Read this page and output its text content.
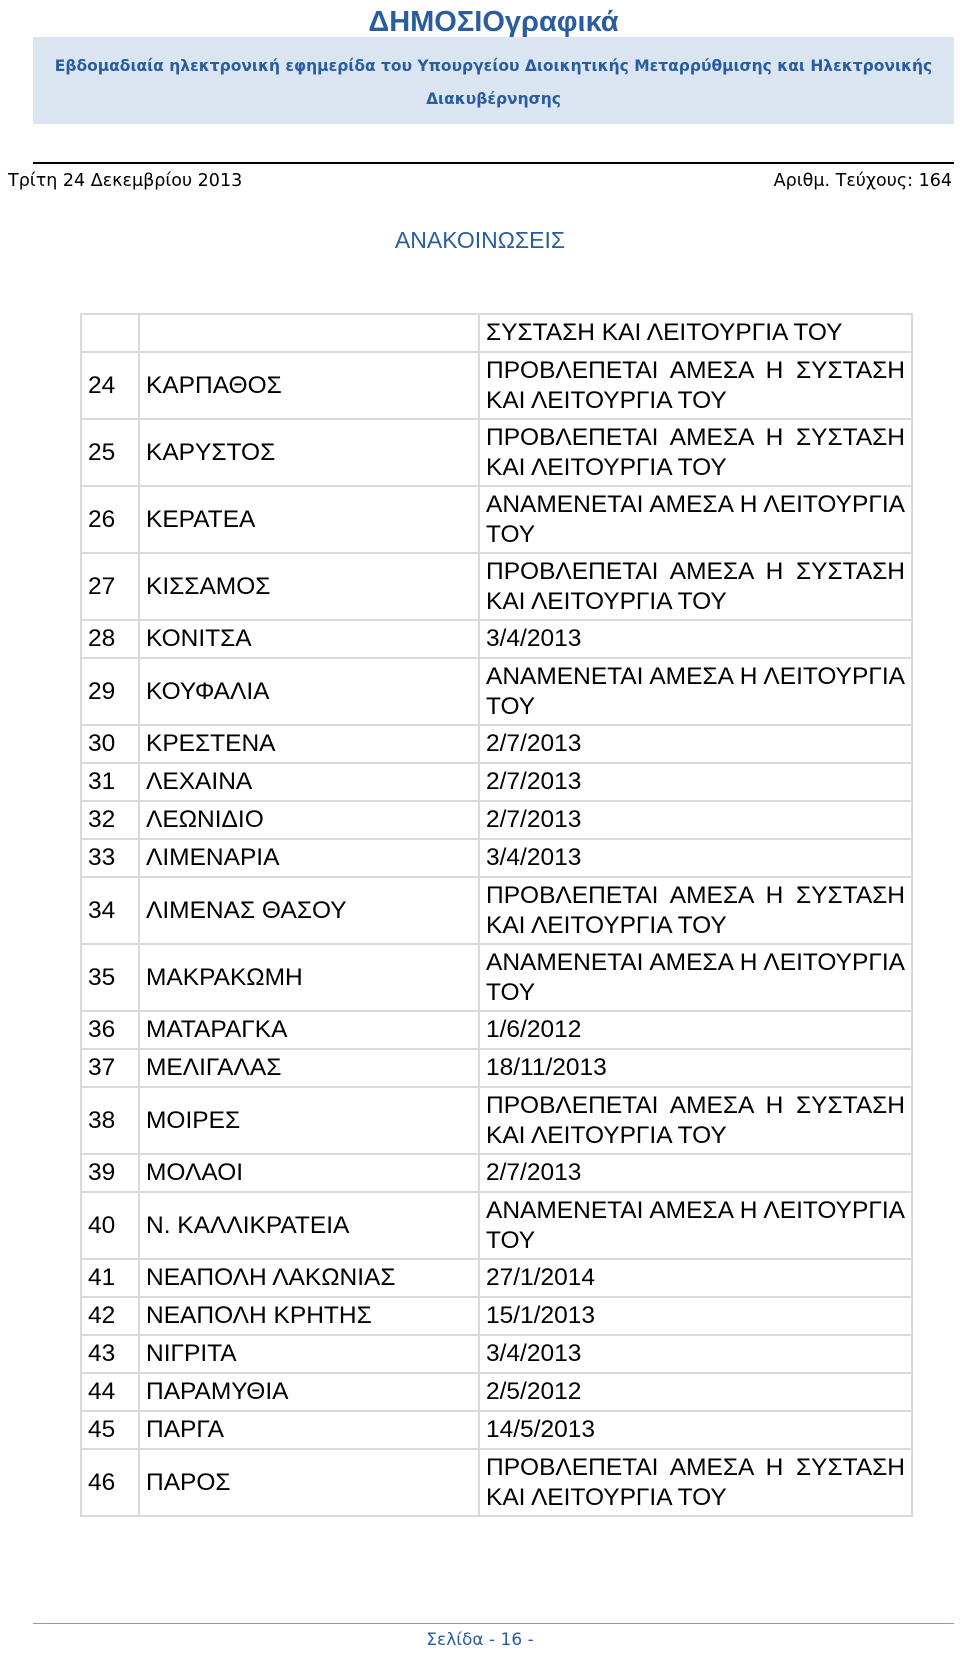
ΔΗΜΟΣΙΟγραφικά
Εβδομαδιαία ηλεκτρονική εφημερίδα του Υπουργείου Διοικητικής Μεταρρύθμισης και Ηλεκτρονικής Διακυβέρνησης
Τρίτη 24 Δεκεμβρίου 2013	Αριθμ. Τεύχους: 164
ΑΝΑΚΟΙΝΩΣΕΙΣ
		ΣΥΣΤΑΣΗ ΚΑΙ ΛΕΙΤΟΥΡΓΙΑ ΤΟΥ
24	ΚΑΡΠΑΘΟΣ	ΠΡΟΒΛΕΠΕΤΑΙ ΑΜΕΣΑ Η ΣΥΣΤΑΣΗ ΚΑΙ ΛΕΙΤΟΥΡΓΙΑ ΤΟΥ
25	ΚΑΡΥΣΤΟΣ	ΠΡΟΒΛΕΠΕΤΑΙ ΑΜΕΣΑ Η ΣΥΣΤΑΣΗ ΚΑΙ ΛΕΙΤΟΥΡΓΙΑ ΤΟΥ
26	ΚΕΡΑΤΕΑ	ΑΝΑΜΕΝΕΤΑΙ ΑΜΕΣΑ Η ΛΕΙΤΟΥΡΓΙΑ ΤΟΥ
27	ΚΙΣΣΑΜΟΣ	ΠΡΟΒΛΕΠΕΤΑΙ ΑΜΕΣΑ Η ΣΥΣΤΑΣΗ ΚΑΙ ΛΕΙΤΟΥΡΓΙΑ ΤΟΥ
28	ΚΟΝΙΤΣΑ	3/4/2013
29	ΚΟΥΦΑΛΙΑ	ΑΝΑΜΕΝΕΤΑΙ ΑΜΕΣΑ Η ΛΕΙΤΟΥΡΓΙΑ ΤΟΥ
30	ΚΡΕΣΤΕΝΑ	2/7/2013
31	ΛΕΧΑΙΝΑ	2/7/2013
32	ΛΕΩΝΙΔΙΟ	2/7/2013
33	ΛΙΜΕΝΑΡΙΑ	3/4/2013
34	ΛΙΜΕΝΑΣ ΘΑΣΟΥ	ΠΡΟΒΛΕΠΕΤΑΙ ΑΜΕΣΑ Η ΣΥΣΤΑΣΗ ΚΑΙ ΛΕΙΤΟΥΡΓΙΑ ΤΟΥ
35	ΜΑΚΡΑΚΩΜΗ	ΑΝΑΜΕΝΕΤΑΙ ΑΜΕΣΑ Η ΛΕΙΤΟΥΡΓΙΑ ΤΟΥ
36	ΜΑΤΑΡΑΓΚΑ	1/6/2012
37	ΜΕΛΙΓΑΛΑΣ	18/11/2013
38	ΜΟΙΡΕΣ	ΠΡΟΒΛΕΠΕΤΑΙ ΑΜΕΣΑ Η ΣΥΣΤΑΣΗ ΚΑΙ ΛΕΙΤΟΥΡΓΙΑ ΤΟΥ
39	ΜΟΛΑΟΙ	2/7/2013
40	Ν. ΚΑΛΛΙΚΡΑΤΕΙΑ	ΑΝΑΜΕΝΕΤΑΙ ΑΜΕΣΑ Η ΛΕΙΤΟΥΡΓΙΑ ΤΟΥ
41	ΝΕΑΠΟΛΗ ΛΑΚΩΝΙΑΣ	27/1/2014
42	ΝΕΑΠΟΛΗ ΚΡΗΤΗΣ	15/1/2013
43	ΝΙΓΡΙΤΑ	3/4/2013
44	ΠΑΡΑΜΥΘΙΑ	2/5/2012
45	ΠΑΡΓΑ	14/5/2013
46	ΠΑΡΟΣ	ΠΡΟΒΛΕΠΕΤΑΙ ΑΜΕΣΑ Η ΣΥΣΤΑΣΗ ΚΑΙ ΛΕΙΤΟΥΡΓΙΑ ΤΟΥ
Σελίδα - 16 -
